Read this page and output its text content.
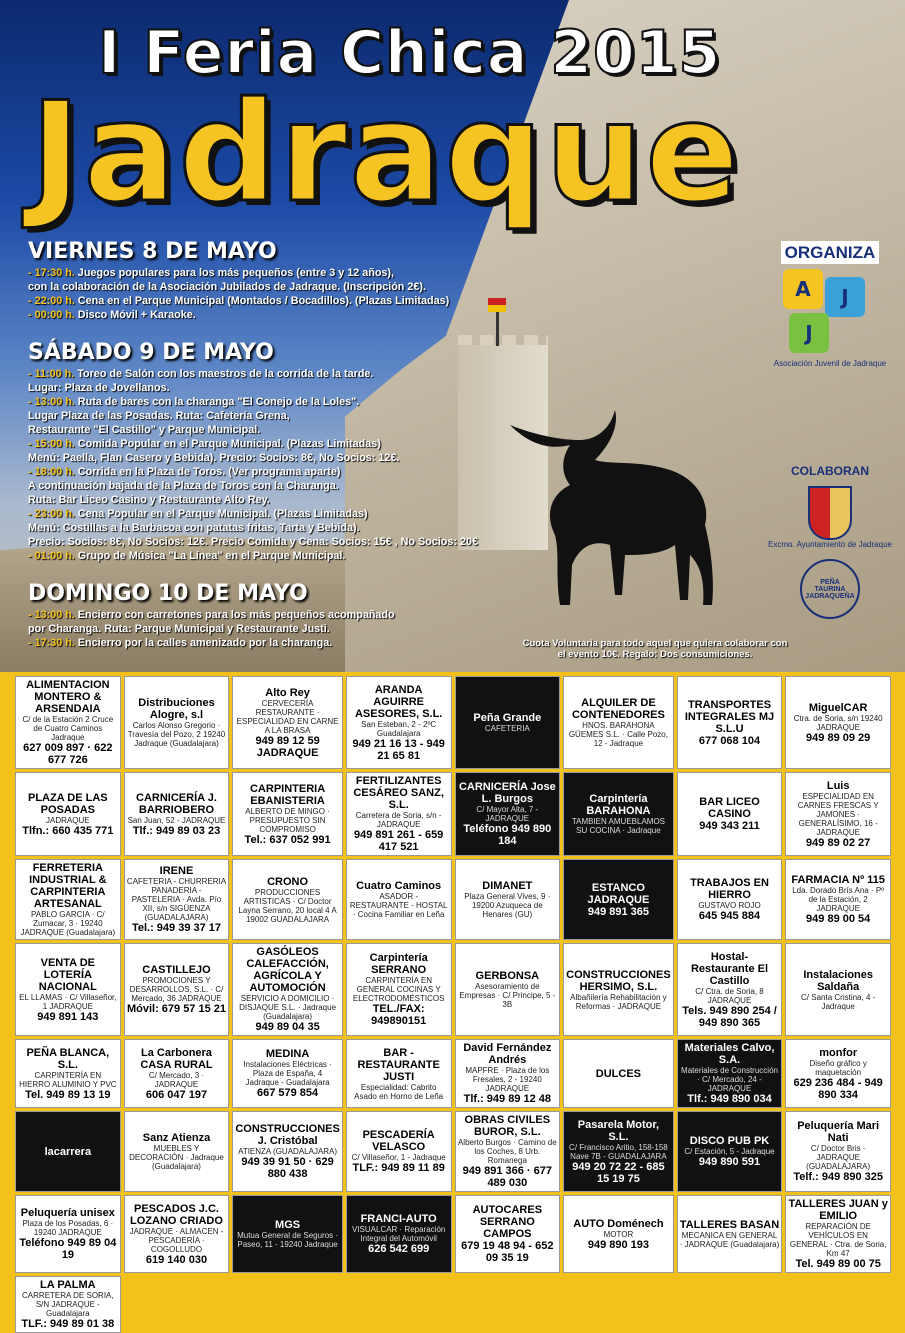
I Feria Chica 2015
Jadraque
VIERNES 8 DE MAYO
- 17:30 h. Juegos populares para los más pequeños (entre 3 y 12 años),
con la colaboración de la Asociación Jubilados de Jadraque. (Inscripción 2€).
- 22:00 h. Cena en el Parque Municipal (Montados / Bocadillos). (Plazas Limitadas)
- 00:00 h. Disco Móvil + Karaoke.
SÁBADO 9 DE MAYO
- 11:00 h. Toreo de Salón con los maestros de la corrida de la tarde.
Lugar: Plaza de Jovellanos.
- 13:00 h. Ruta de bares con la charanga "El Conejo de la Loles".
Lugar Plaza de las Posadas. Ruta: Cafetería Grena,
Restaurante "El Castillo" y Parque Municipal.
- 15:00 h. Comida Popular en el Parque Municipal. (Plazas Limitadas)
Menú: Paella, Flan Casero y Bebida). Precio: Socios: 8€, No Socios: 12€.
- 18:00 h. Corrida en la Plaza de Toros. (Ver programa aparte)
A continuación bajada de la Plaza de Toros con la Charanga.
Ruta: Bar Liceo Casino y Restaurante Alto Rey.
- 23:00 h. Cena Popular en el Parque Municipal. (Plazas Limitadas)
Menú: Costillas a la Barbacoa con patatas fritas, Tarta y Bebida).
Precio: Socios: 8€, No Socios: 12€. Precio Comida y Cena: Socios: 15€ , No Socios: 20€
- 01:00 h. Grupo de Música "La Línea" en el Parque Municipal.
DOMINGO 10 DE MAYO
- 13:00 h. Encierro con carretones para los más pequeños acompañado
por Charanga. Ruta: Parque Municipal y Restaurante Justi.
- 17:30 h. Encierro por la calles amenizado por la charanga.
ORGANIZA
A	J
J
Asociación Juvenil de Jadraque
COLABORAN
Excmo. Ayuntamiento de Jadraque
PEÑA TAURINA JADRAQUEÑA
Cuota Voluntaria para todo aquel que quiera colaborar con el evento 10€. Regalo: Dos consumiciones.
ALIMENTACION MONTERO & ARSENDAIA
C/ de la Estación 2 Cruce de Cuatro Caminos Jadraque
627 009 897 · 622 677 726
Distribuciones Alogre, s.l
Carlos Alonso Gregorio · Travesía del Pozo, 2 19240 Jadraque (Guadalajara)
Alto Rey
CERVECERÍA RESTAURANTE · ESPECIALIDAD EN CARNE A LA BRASA
949 89 12 59 JADRAQUE
ARANDA AGUIRRE ASESORES, S.L.
San Esteban, 2 - 2ºC Guadalajara
949 21 16 13 - 949 21 65 81
Peña Grande
CAFETERIA
ALQUILER DE CONTENEDORES
HNOS. BARAHONA GÜEMES S.L. · Calle Pozo, 12 - Jadraque
TRANSPORTES INTEGRALES MJ S.L.U
677 068 104
MiguelCAR
Ctra. de Soria, s/n 19240 JADRAQUE
949 89 09 29
PLAZA DE LAS POSADAS
JADRAQUE
Tlfn.: 660 435 771
CARNICERÍA J. BARRIOBERO
San Juan, 52 - JADRAQUE
Tlf.: 949 89 03 23
CARPINTERIA EBANISTERIA
ALBERTO DE MINGO · PRESUPUESTO SIN COMPROMISO
Tel.: 637 052 991
FERTILIZANTES CESÁREO SANZ, S.L.
Carretera de Soria, s/n - JADRAQUE
949 891 261 - 659 417 521
CARNICERÍA Jose L. Burgos
C/ Mayor Alta, 7 - JADRAQUE
Teléfono 949 890 184
Carpintería BARAHONA
TAMBIEN AMUEBLAMOS SU COCINA · Jadraque
BAR LICEO CASINO
949 343 211
Luis
ESPECIALIDAD EN CARNES FRESCAS Y JAMONES · GENERALÍSIMO, 16 - JADRAQUE
949 89 02 27
FERRETERIA INDUSTRIAL & CARPINTERIA ARTESANAL
PABLO GARCIA · C/ Zumacar, 3 · 19240 JADRAQUE (Guadalajara)
IRENE
CAFETERIA - CHURRERIA PANADERIA - PASTELERIA · Avda. Pío XII, s/n SIGÜENZA (GUADALAJARA)
Tel.: 949 39 37 17
CRONO
PRODUCCIONES ARTISTICAS · C/ Doctor Layna Serrano, 20 local 4 A 19002 GUADALAJARA
Cuatro Caminos
ASADOR - RESTAURANTE - HOSTAL · Cocina Familiar en Leña
DIMANET
Plaza General Vives, 9 · 19200 Azuqueca de Henares (GU)
ESTANCO JADRAQUE
949 891 365
TRABAJOS EN HIERRO
GUSTAVO ROJO
645 945 884
FARMACIA Nº 115
Lda. Dorado Brís Ana · Pº de la Estación, 2 JADRAQUE
949 89 00 54
VENTA DE LOTERÍA NACIONAL
EL LLAMAS · C/ Villaseñor, 1 JADRAQUE
949 891 143
CASTILLEJO
PROMOCIONES Y DESARROLLOS, S.L. · C/ Mercado, 36 JADRAQUE
Móvil: 679 57 15 21
GASÓLEOS CALEFACCIÓN, AGRÍCOLA Y AUTOMOCIÓN
SERVICIO A DOMICILIO · DISJAQUE S.L. · Jadraque (Guadalajara)
949 89 04 35
Carpintería SERRANO
CARPINTERÍA EN GENERAL COCINAS Y ELECTRODOMÉSTICOS
TEL./FAX: 949890151
GERBONSA
Asesoramiento de Empresas · C/ Principe, 5 - 3B
CONSTRUCCIONES HERSIMO, S.L.
Albañilería Rehabilitación y Reformas · JADRAQUE
Hostal-Restaurante El Castillo
C/ Ctra. de Soria, 8 JADRAQUE
Tels. 949 890 254 / 949 890 365
Instalaciones Saldaña
C/ Santa Cristina, 4 - Jadraque
PEÑA BLANCA, S.L.
CARPINTERÍA EN HIERRO ALUMINIO Y PVC
Tel. 949 89 13 19
La Carbonera CASA RURAL
C/ Mercado, 3 · JADRAQUE
606 047 197
MEDINA
Instalaciones Eléctricas · Plaza de España, 4 Jadraque - Guadalajara
667 579 854
BAR - RESTAURANTE JUSTI
Especialidad: Cabrito Asado en Horno de Leña
David Fernández Andrés
MAPFRE · Plaza de los Fresales, 2 - 19240 JADRAQUE
Tlf.: 949 89 12 48
DULCES
Materiales Calvo, S.A.
Materiales de Construcción · C/ Mercado, 24 - JADRAQUE
Tlf.: 949 890 034
monfor
Diseño gráfico y maquetación
629 236 484 - 949 890 334
lacarrera
Sanz Atienza
MUEBLES Y DECORACIÓN · Jadraque (Guadalajara)
CONSTRUCCIONES J. Cristóbal
ATIENZA (GUADALAJARA)
949 39 91 50 · 629 880 438
PESCADERÍA VELASCO
C/ Villaseñor, 1 - Jadraque
TLF.: 949 89 11 89
OBRAS CIVILES BUROR, S.L.
Alberto Burgos · Camino de los Coches, 8 Urb. Romanega
949 891 366 · 677 489 030
Pasarela Motor, S.L.
C/ Francisco Aritio, 158-158 Nave 7B - GUADALAJARA
949 20 72 22 - 685 15 19 75
DISCO PUB PK
C/ Estación, 5 - Jadraque
949 890 591
Peluquería Mari Nati
C/ Doctor Bris · JADRAQUE (GUADALAJARA)
Telf.: 949 890 325
Peluquería unisex
Plaza de los Posadas, 6 · 19240 JADRAQUE
Teléfono 949 89 04 19
PESCADOS J.C. LOZANO CRIADO
JADRAQUE · ALMACEN - PESCADERÍA · COGOLLUDO
619 140 030
MGS
Mutua General de Seguros · Paseo, 11 - 19240 Jadraque
FRANCI-AUTO
VISUALCAR · Reparación Integral del Automóvil
626 542 699
AUTOCARES SERRANO CAMPOS
679 19 48 94 - 652 09 35 19
AUTO Doménech
MOTOR
949 890 193
TALLERES BASAN
MECANICA EN GENERAL · JADRAQUE (Guadalajara)
TALLERES JUAN y EMILIO
REPARACIÓN DE VEHÍCULOS EN GENERAL · Ctra. de Soria, Km 47
Tel. 949 89 00 75
LA PALMA
CARRETERA DE SORIA, S/N JADRAQUE - Guadalajara
TLF.: 949 89 01 38
